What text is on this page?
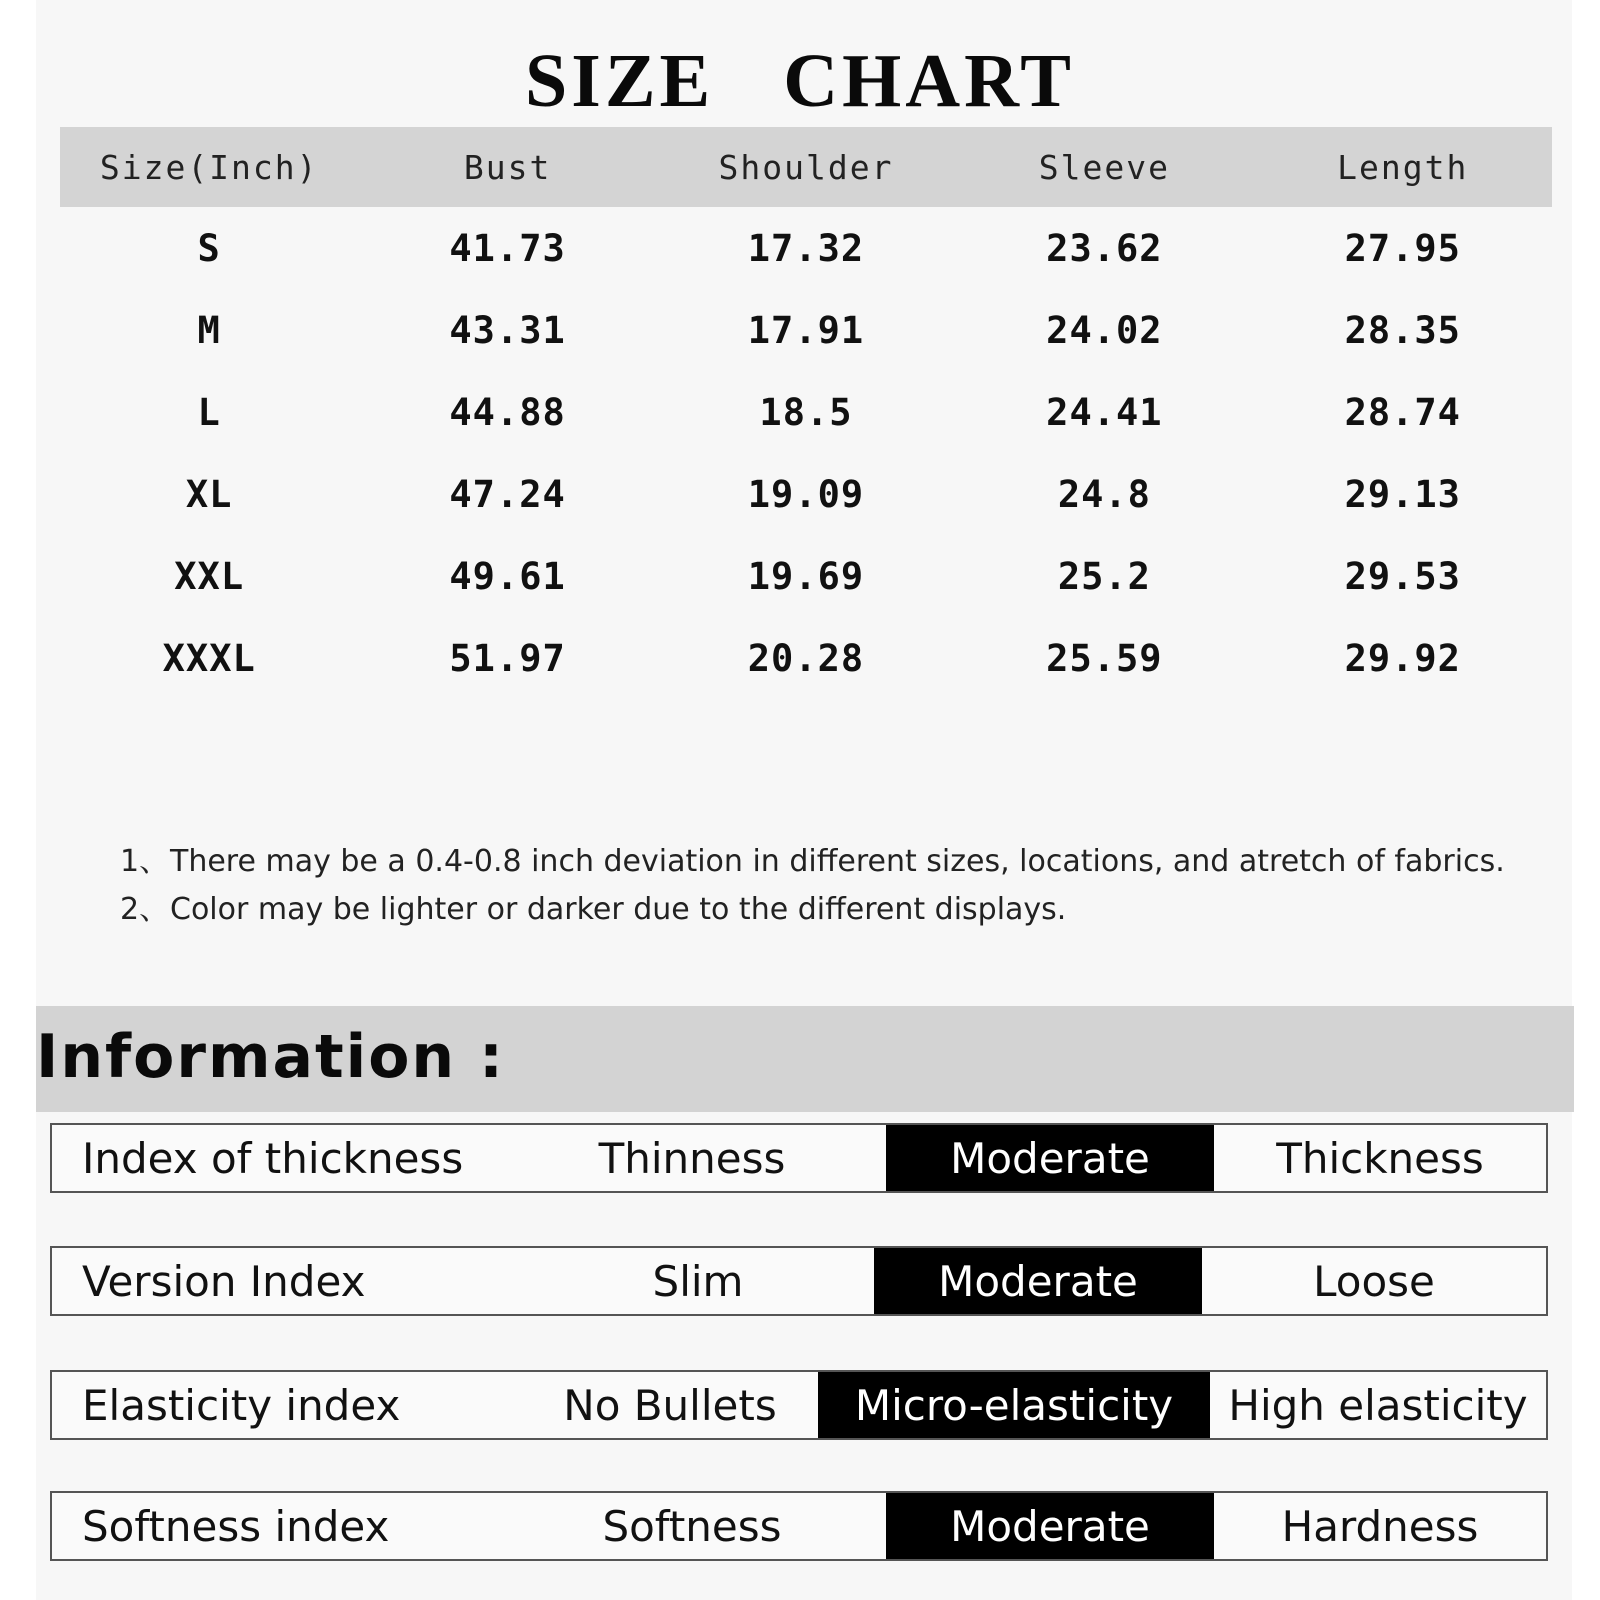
SIZE   CHART
Size(Inch)	Bust	Shoulder	Sleeve	Length
S	41.73	17.32	23.62	27.95
M	43.31	17.91	24.02	28.35
L	44.88	18.5	24.41	28.74
XL	47.24	19.09	24.8	29.13
XXL	49.61	19.69	25.2	29.53
XXXL	51.97	20.28	25.59	29.92
1、There may be a 0.4-0.8 inch deviation in different sizes, locations, and atretch of fabrics.
2、Color may be lighter or darker due to the different displays.
Information :
Index of thickness	Thinness	Moderate	Thickness
Version Index	Slim	Moderate	Loose
Elasticity index	No Bullets	Micro-elasticity	High elasticity
Softness index	Softness	Moderate	Hardness
